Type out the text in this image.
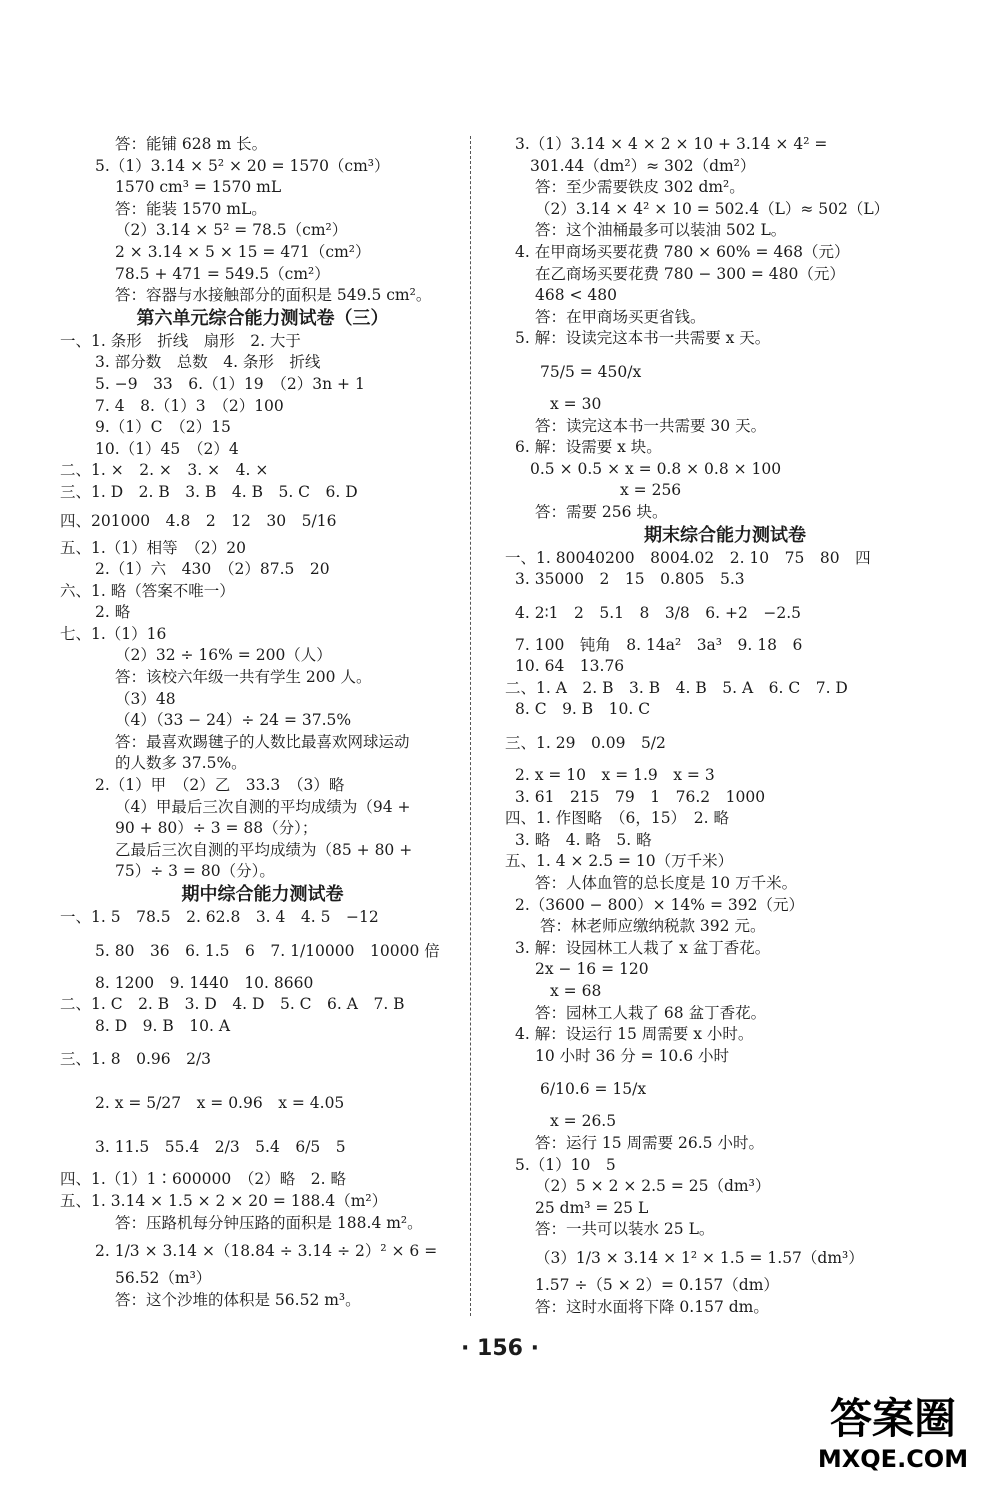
答：能铺 628 m 长。
5.（1）3.14 × 5² × 20 = 1570（cm³）
1570 cm³ = 1570 mL
答：能装 1570 mL。
（2）3.14 × 5² = 78.5（cm²）
2 × 3.14 × 5 × 15 = 471（cm²）
78.5 + 471 = 549.5（cm²）
答：容器与水接触部分的面积是 549.5 cm²。
第六单元综合能力测试卷（三）
一、1. 条形　折线　扇形　2. 大于
3. 部分数　总数　4. 条形　折线
5. −9　33　6.（1）19　（2）3n + 1
7. 4　8.（1）3　（2）100
9.（1）C　（2）15
10.（1）45　（2）4
二、1. ×　2. ×　3. ×　4. ×
三、1. D　2. B　3. B　4. B　5. C　6. D
四、201000　4.8　2　12　30　5/16
五、1.（1）相等　（2）20
2.（1）六　430　（2）87.5　20
六、1. 略（答案不唯一）
2. 略
七、1.（1）16
（2）32 ÷ 16% = 200（人）
答：该校六年级一共有学生 200 人。
（3）48
（4）（33 − 24）÷ 24 = 37.5%
答：最喜欢踢毽子的人数比最喜欢网球运动
的人数多 37.5%。
2.（1）甲　（2）乙　33.3　（3）略
（4）甲最后三次自测的平均成绩为（94 +
90 + 80）÷ 3 = 88（分）；
乙最后三次自测的平均成绩为（85 + 80 +
75）÷ 3 = 80（分）。
期中综合能力测试卷
一、1. 5　78.5　2. 62.8　3. 4　4. 5　−12
5. 80　36　6. 1.5　6　7. 1/10000　10000 倍
8. 1200　9. 1440　10. 8660
二、1. C　2. B　3. D　4. D　5. C　6. A　7. B
8. D　9. B　10. A
三、1. 8　0.96　2/3
2. x = 5/27　x = 0.96　x = 4.05
3. 11.5　55.4　2/3　5.4　6/5　5
四、1.（1）1∶600000　（2）略　2. 略
五、1. 3.14 × 1.5 × 2 × 20 = 188.4（m²）
答：压路机每分钟压路的面积是 188.4 m²。
2. 1/3 × 3.14 ×（18.84 ÷ 3.14 ÷ 2）² × 6 =
56.52（m³）
答：这个沙堆的体积是 56.52 m³。
3.（1）3.14 × 4 × 2 × 10 + 3.14 × 4² =
301.44（dm²）≈ 302（dm²）
答：至少需要铁皮 302 dm²。
（2）3.14 × 4² × 10 = 502.4（L）≈ 502（L）
答：这个油桶最多可以装油 502 L。
4. 在甲商场买要花费 780 × 60% = 468（元）
在乙商场买要花费 780 − 300 = 480（元）
468 < 480
答：在甲商场买更省钱。
5. 解：设读完这本书一共需要 x 天。
75/5 = 450/x
x = 30
答：读完这本书一共需要 30 天。
6. 解：设需要 x 块。
0.5 × 0.5 × x = 0.8 × 0.8 × 100
x = 256
答：需要 256 块。
期末综合能力测试卷
一、1. 80040200　8004.02　2. 10　75　80　四
3. 35000　2　15　0.805　5.3
4. 2∶1　2　5.1　8　3/8　6. +2　−2.5
7. 100　钝角　8. 14a²　3a³　9. 18　6
10. 64　13.76
二、1. A　2. B　3. B　4. B　5. A　6. C　7. D
8. C　9. B　10. C
三、1. 29　0.09　5/2
2. x = 10　x = 1.9　x = 3
3. 61　215　79　1　76.2　1000
四、1. 作图略　（6，15）　2. 略
3. 略　4. 略　5. 略
五、1. 4 × 2.5 = 10（万千米）
答：人体血管的总长度是 10 万千米。
2.（3600 − 800）× 14% = 392（元）
答：林老师应缴纳税款 392 元。
3. 解：设园林工人栽了 x 盆丁香花。
2x − 16 = 120
x = 68
答：园林工人栽了 68 盆丁香花。
4. 解：设运行 15 周需要 x 小时。
10 小时 36 分 = 10.6 小时
6/10.6 = 15/x
x = 26.5
答：运行 15 周需要 26.5 小时。
5.（1）10　5
（2）5 × 2 × 2.5 = 25（dm³）
25 dm³ = 25 L
答：一共可以装水 25 L。
（3）1/3 × 3.14 × 1² × 1.5 = 1.57（dm³）
1.57 ÷（5 × 2）= 0.157（dm）
答：这时水面将下降 0.157 dm。
· 156 ·
答案圈
MXQE.COM
